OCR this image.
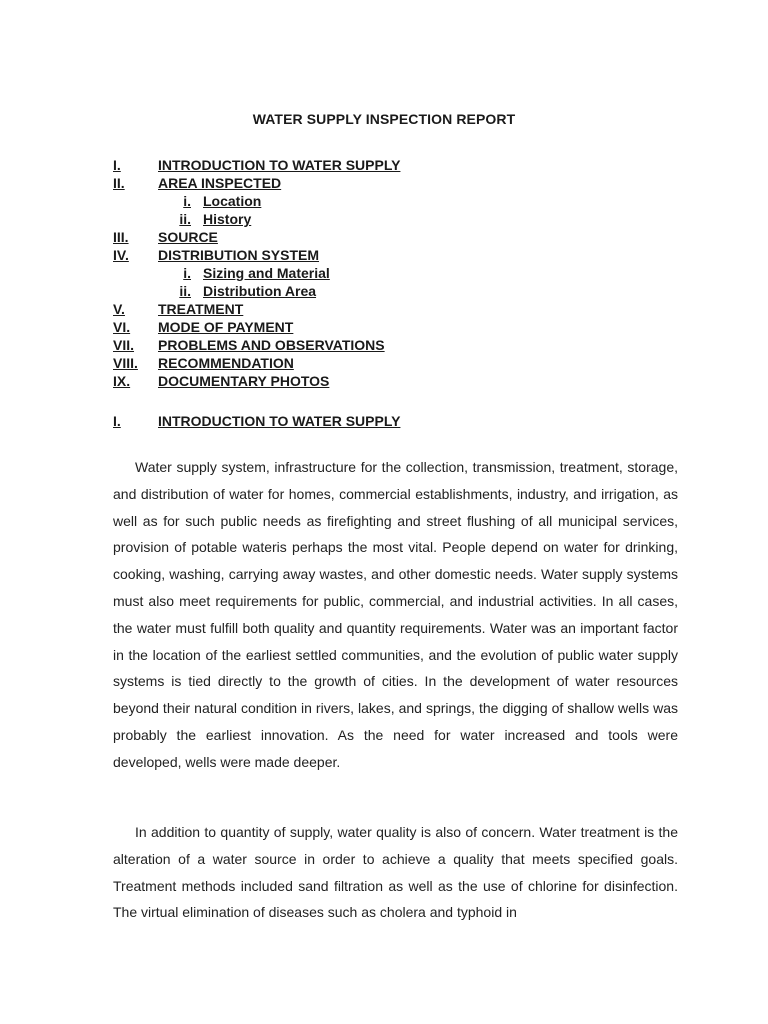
WATER SUPPLY INSPECTION REPORT
I.	INTRODUCTION TO WATER SUPPLY
II. AREA INSPECTED
i. Location
ii. History
III. SOURCE
IV. DISTRIBUTION SYSTEM
i. Sizing and Material
ii. Distribution Area
V. TREATMENT
VI. MODE OF PAYMENT
VII. PROBLEMS AND OBSERVATIONS
VIII. RECOMMENDATION
IX. DOCUMENTARY PHOTOS
I.	INTRODUCTION TO WATER SUPPLY

Water supply system, infrastructure for the collection, transmission, treatment, storage, and distribution of water for homes, commercial establishments, industry, and irrigation, as well as for such public needs as firefighting and street flushing of all municipal services, provision of potable wateris perhaps the most vital. People depend on water for drinking, cooking, washing, carrying away wastes, and other domestic needs. Water supply systems must also meet requirements for public, commercial, and industrial activities. In all cases, the water must fulfill both quality and quantity requirements. Water was an important factor in the location of the earliest settled communities, and the evolution of public water supply systems is tied directly to the growth of cities. In the development of water resources beyond their natural condition in rivers, lakes, and springs, the digging of shallow wells was probably the earliest innovation. As the need for water increased and tools were developed, wells were made deeper.

In addition to quantity of supply, water quality is also of concern. Water treatment is the alteration of a water source in order to achieve a quality that meets specified goals. Treatment methods included sand filtration as well as the use of chlorine for disinfection. The virtual elimination of diseases such as cholera and typhoid in
